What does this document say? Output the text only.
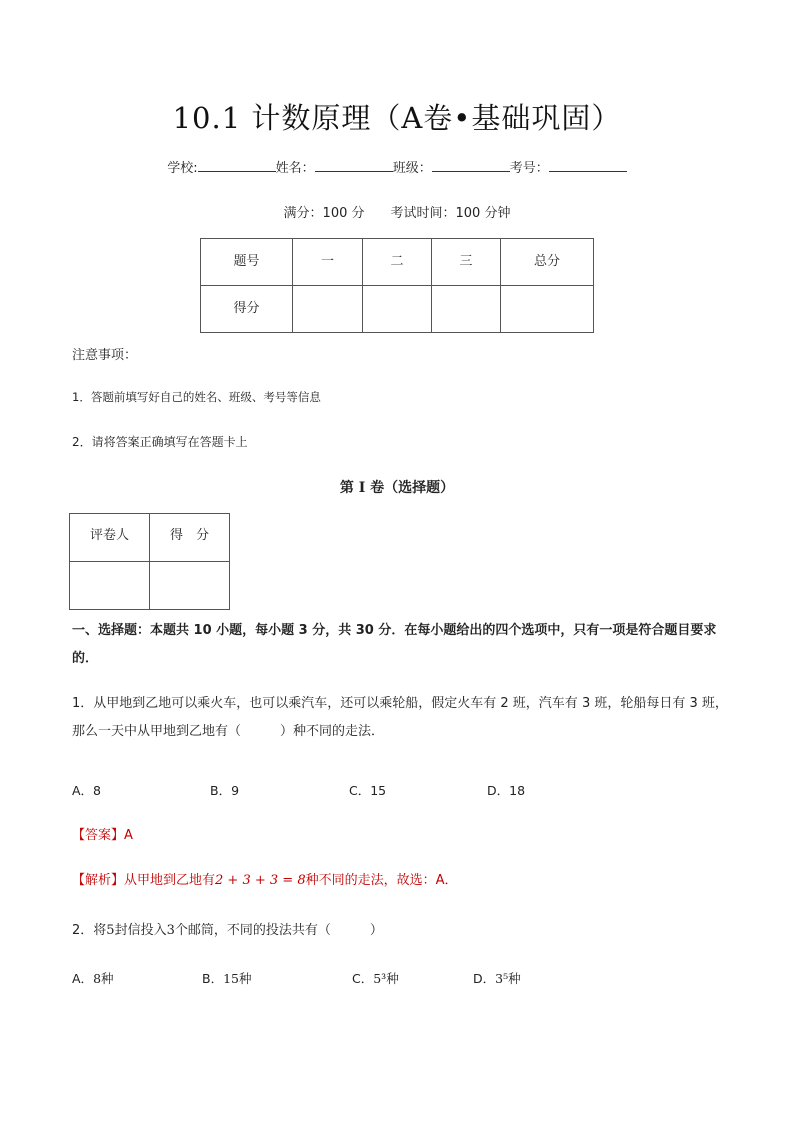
10.1 计数原理（A卷•基础巩固）
学校:	姓名：	班级：	考号：
满分：100 分 考试时间：100 分钟
题号	一	二	三	总分
得分				
注意事项：
1．答题前填写好自己的姓名、班级、考号等信息
2．请将答案正确填写在答题卡上
第 I 卷（选择题）
评卷人	得　分

一、选择题：本题共 10 小题，每小题 3 分，共 30 分．在每小题给出的四个选项中，只有一项是符合题目要求的．
1．从甲地到乙地可以乘火车，也可以乘汽车，还可以乘轮船，假定火车有 2 班，汽车有 3 班，轮船每日有 3 班，那么一天中从甲地到乙地有（　　　）种不同的走法．
A．8	B．9	C．15	D．18
【答案】A
【解析】从甲地到乙地有2 + 3 + 3 = 8种不同的走法，故选：A．
2．将5封信投入3个邮筒，不同的投法共有（　　　）
A．8种	B．15种	C．5³种	D．3⁵种
